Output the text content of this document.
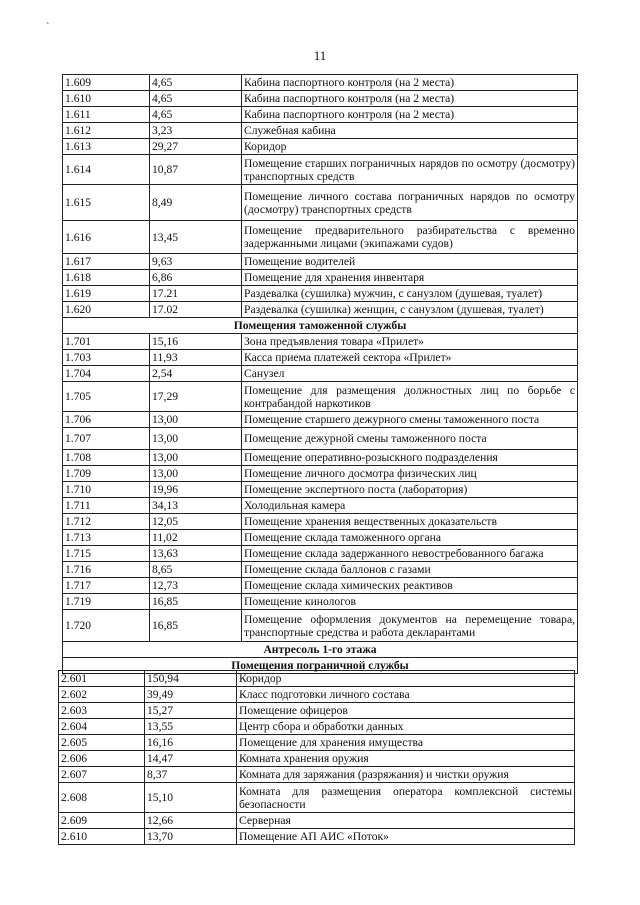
`
11
1.609	4,65	Кабина паспортного контроля (на 2 места)
1.610	4,65	Кабина паспортного контроля (на 2 места)
1.611	4,65	Кабина паспортного контроля (на 2 места)
1.612	3,23	Служебная кабина
1.613	29,27	Коридор
1.614	10,87	Помещение старших пограничных нарядов по осмотру (досмотру) транспортных средств
1.615	8,49	Помещение личного состава пограничных нарядов по осмотру (досмотру) транспортных средств
1.616	13,45	Помещение предварительного разбирательства с временно задержанными лицами (экипажами судов)
1.617	9,63	Помещение водителей
1.618	6,86	Помещение для хранения инвентаря
1.619	17.21	Раздевалка (сушилка) мужчин, с санузлом (душевая, туалет)
1.620	17.02	Раздевалка (сушилка) женщин, с санузлом (душевая, туалет)
Помещения таможенной службы		
1.701	15,16	Зона предъявления товара «Прилет»
1.703	11,93	Касса приема платежей сектора «Прилет»
1.704	2,54	Санузел
1.705	17,29	Помещение для размещения должностных лиц по борьбе с контрабандой наркотиков
1.706	13,00	Помещение старшего дежурного смены таможенного поста
1.707	13,00	Помещение дежурной смены таможенного поста
1.708	13,00	Помещение оперативно-розыскного подразделения
1.709	13,00	Помещение личного досмотра физических лиц
1.710	19,96	Помещение экспертного поста (лаборатория)
1.711	34,13	Холодильная камера
1.712	12,05	Помещение хранения вещественных доказательств
1.713	11,02	Помещение склада таможенного органа
1.715	13,63	Помещение склада задержанного невостребованного багажа
1.716	8,65	Помещение склада баллонов с газами
1.717	12,73	Помещение склада химических реактивов
1.719	16,85	Помещение кинологов
1.720	16,85	Помещение оформления документов на перемещение товара, транспортные средства и работа декларантами
Антресоль 1-го этажа		
Помещения пограничной службы		
2.601	150,94	Коридор
2.602	39,49	Класс подготовки личного состава
2.603	15,27	Помещение офицеров
2.604	13,55	Центр сбора и обработки данных
2.605	16,16	Помещение для хранения имущества
2.606	14,47	Комната хранения оружия
2.607	8,37	Комната для заряжания (разряжания) и чистки оружия
2.608	15,10	Комната для размещения оператора комплексной системы безопасности
2.609	12,66	Серверная
2.610	13,70	Помещение АП АИС «Поток»
